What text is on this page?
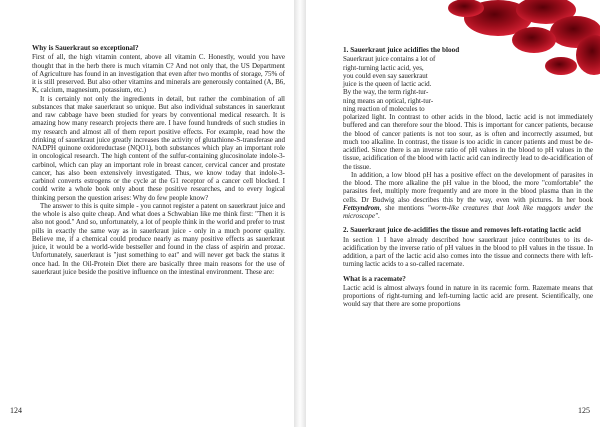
Why is Sauerkraut so exceptional?

First of all, the high vitamin content, above all vitamin C. Honestly, would you have thought that in the herb there is much vitamin C? And not only that, the US Department of Agriculture has found in an investigation that even after two months of storage, 75% of it is still preserved. But also other vitamins and minerals are generously contained (A, B6, K, calcium, magnesium, potassium, etc.)

It is certainly not only the ingredients in detail, but rather the combination of all substances that make sauerkraut so unique. But also individual substances in sauerkraut and raw cabbage have been studied for years by conventional medical research. It is amazing how many research projects there are. I have found hundreds of such studies in my research and almost all of them report positive effects. For example, read how the drinking of sauerkraut juice greatly increases the activity of glutathione-S-transferase and NADPH quinone oxidoreductase (NQO1), both substances which play an important role in oncological research. The high content of the sulfur-containing glucosinolate indole-3-carbinol, which can play an important role in breast cancer, cervical cancer and prostate cancer, has also been extensively investigated. Thus, we know today that indole-3-carbinol converts estrogens or the cycle at the G1 receptor of a cancer cell blocked. I could write a whole book only about these positive researches, and to every logical thinking person the question arises: Why do few people know?

The answer to this is quite simple - you cannot register a patent on sauerkraut juice and the whole is also quite cheap. And what does a Schwabian like me think first: "Then it is also not good." And so, unfortunately, a lot of people think in the world and prefer to trust pills in exactly the same way as in sauerkraut juice - only in a much poorer quality. Believe me, if a chemical could produce nearly as many positive effects as sauerkraut juice, it would be a world-wide bestseller and found in the class of aspirin and prozac. Unfortunately, sauerkraut is "just something to eat" and will never get back the status it once had. In the Oil-Protein Diet there are basically three main reasons for the use of sauerkraut juice beside the positive influence on the intestinal environment. These are:

124
1. Sauerkraut juice acidifies the blood
Sauerkraut juice contains a lot of
right-turning lactic acid, yes,
you could even say sauerkraut
juice is the queen of lactic acid.
By the way, the term right-tur-
ning means an optical, right-tur-
ning reaction of molecules to

polarized light. In contrast to other acids in the blood, lactic acid is not immediately buffered and can therefore sour the blood. This is important for cancer patients, because the blood of cancer patients is not too sour, as is often and incorrectly assumed, but much too alkaline. In contrast, the tissue is too acidic in cancer patients and must be de-acidified. Since there is an inverse ratio of pH values in the blood to pH values in the tissue, acidification of the blood with lactic acid can indirectly lead to de-acidification of the tissue.

In addition, a low blood pH has a positive effect on the development of parasites in the blood. The more alkaline the pH value in the blood, the more "comfortable" the parasites feel, multiply more frequently and are more in the blood plasma than in the cells. Dr Budwig also describes this by the way, even with pictures. In her book Fettsyndrom, she mentions "worm-like creatures that look like maggots under the microscope".

2. Sauerkraut juice de-acidifies the tissue and removes left-rotating lactic acid

In section 1 I have already described how sauerkraut juice contributes to its de-acidification by the inverse ratio of pH values in the blood to pH values in the tissue. In addition, a part of the lactic acid also comes into the tissue and connects there with left-turning lactic acids to a so-called racemate.

What is a racemate?

Lactic acid is almost always found in nature in its racemic form. Razemate means that proportions of right-turning and left-turning lactic acid are present. Scientifically, one would say that there are some proportions

125
